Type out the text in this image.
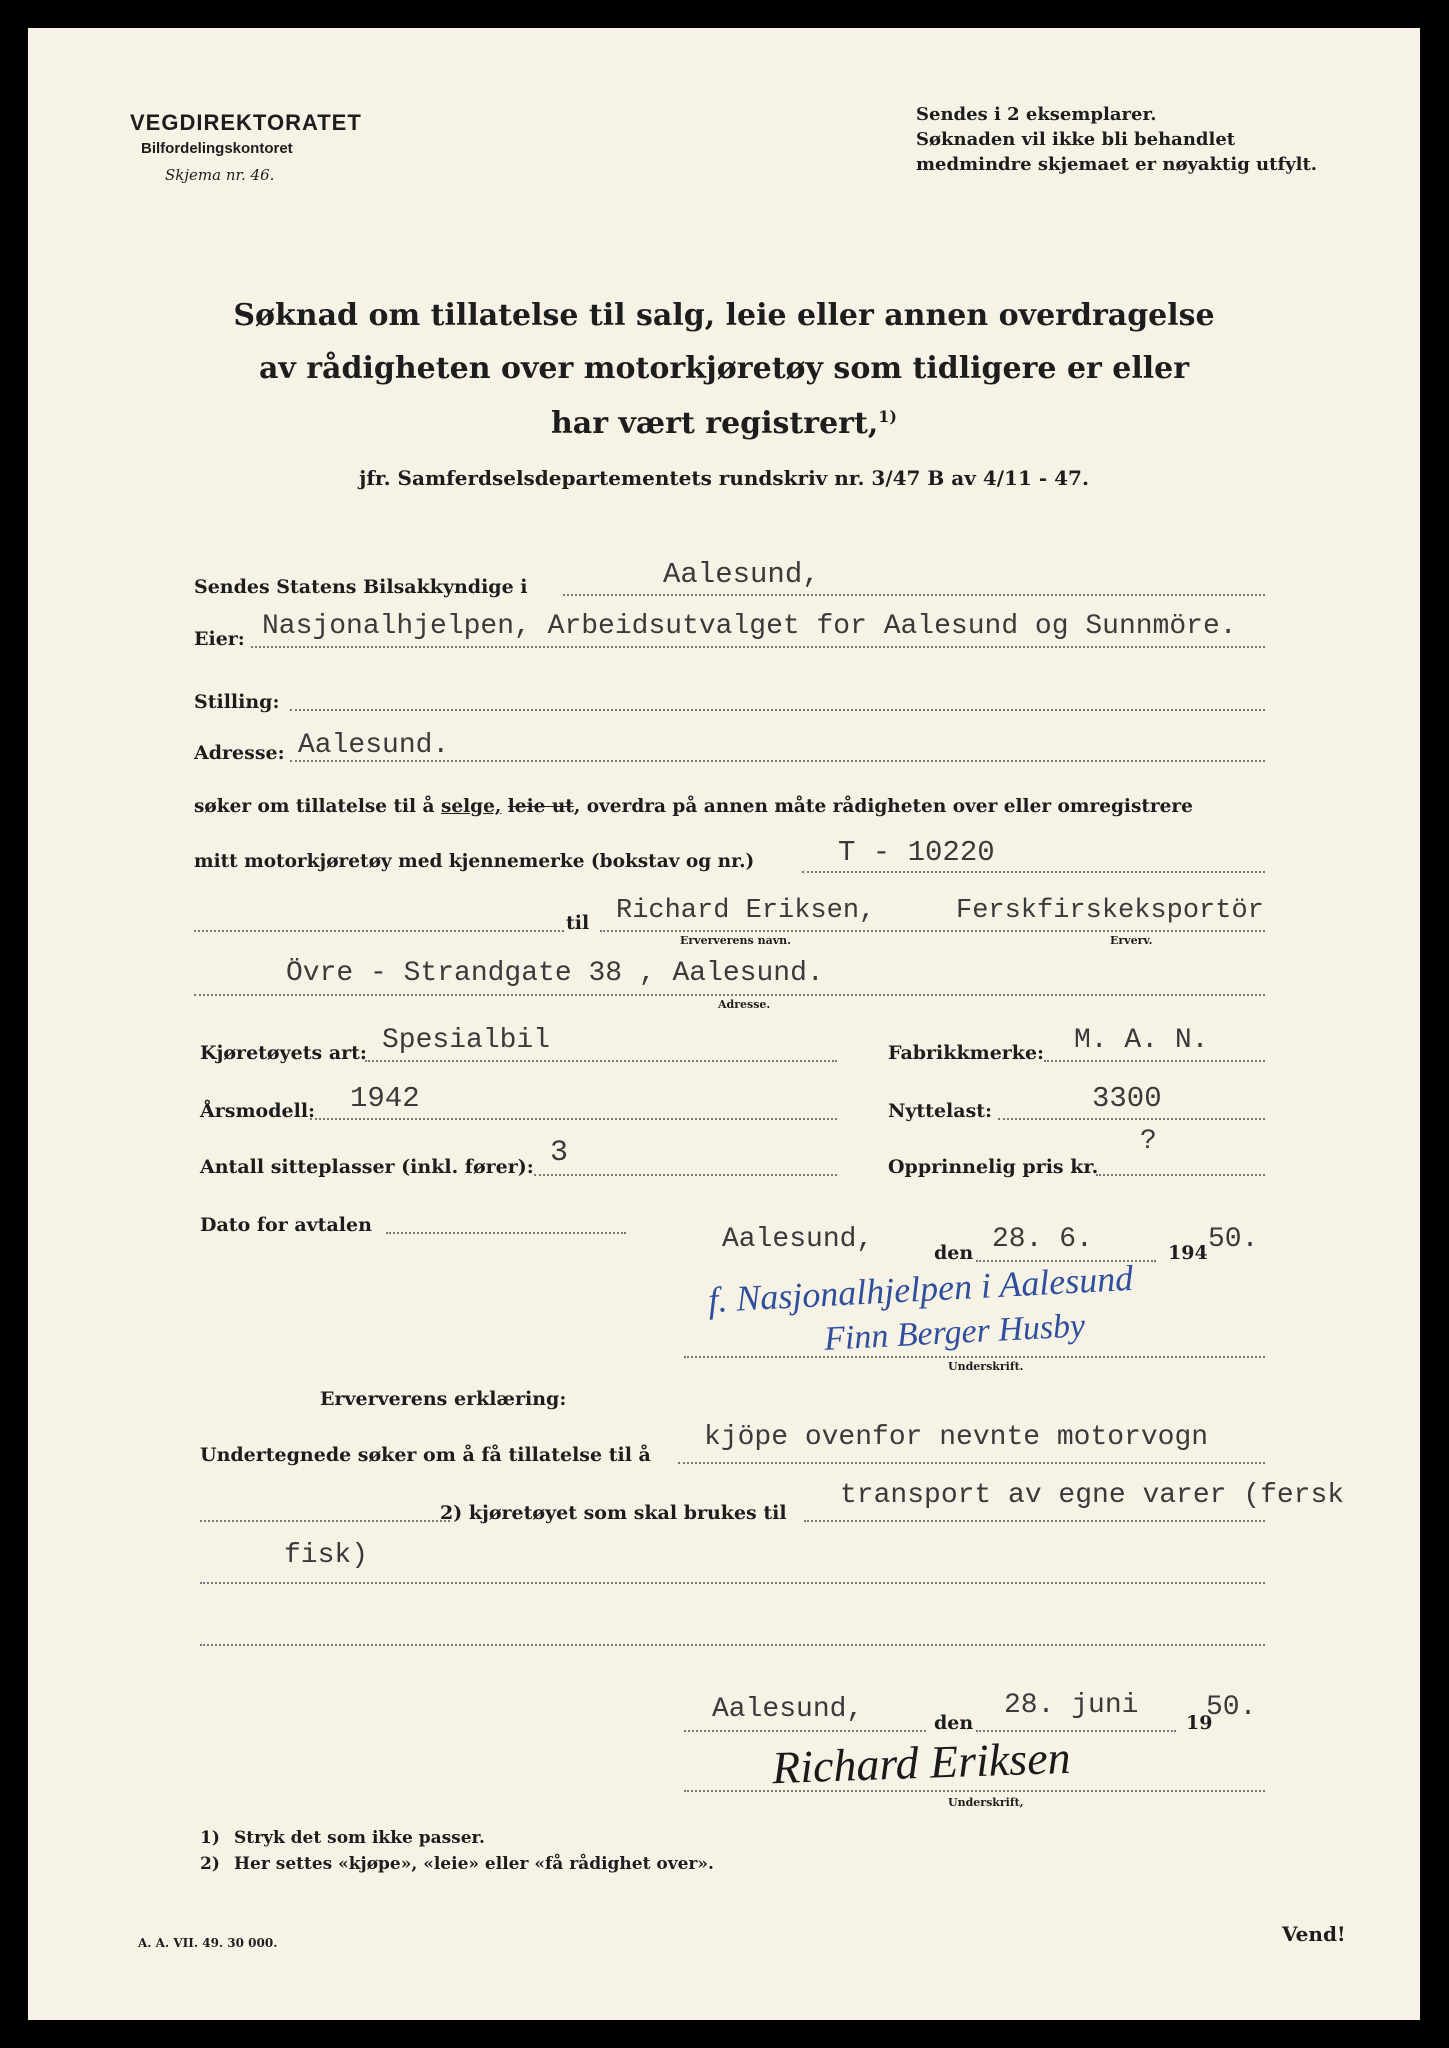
VEGDIREKTORATET
Bilfordelingskontoret
Skjema nr. 46.
Sendes i 2 eksemplarer.
Søknaden vil ikke bli behandlet
medmindre skjemaet er nøyaktig utfylt.
Søknad om tillatelse til salg, leie eller annen overdragelse
av rådigheten over motorkjøretøy som tidligere er eller
har vært registrert,$^{1)}$
jfr. Samferdselsdepartementets rundskriv nr. 3/47 B av 4/11 - 47.
Sendes Statens Bilsakkyndige i	Aalesund,
Eier: Nasjonalhjelpen, Arbeidsutvalget for Aalesund og Sunnmöre.
Stilling:
Adresse: Aalesund.
søker om tillatelse til å selge, leie ut, overdra på annen måte rådigheten over eller omregistrere
mitt motorkjøretøy med kjennemerke (bokstav og nr.)	T - 10220
til Richard Eriksen,	Ferskfirskeksportör
Erververens navn.	Erverv.
Övre - Strandgate 38 , Aalesund.
Adresse.
Kjøretøyets art: Spesialbil	Fabrikkmerke: M. A. N.
Årsmodell: 1942	Nyttelast:	3300
Antall sitteplasser (inkl. fører): 3	Opprinnelig pris kr.
?
Dato for avtalen	Aalesund,	den 28. 6.	194 50.
f. Nasjonalhjelpen i Aalesund
Finn Berger Husby
Underskrift.
Erververens erklæring:
Undertegnede søker om å få tillatelse til å
kjöpe ovenfor nevnte motorvogn
2) kjøretøyet som skal brukes til
transport av egne varer (fersk
fisk)
Aalesund,	den
28. juni
19
50.
Richard Eriksen
Underskrift,
1) Stryk det som ikke passer.
2) Her settes «kjøpe», «leie» eller «få rådighet over».
A. A. VII. 49. 30 000.	Vend!
